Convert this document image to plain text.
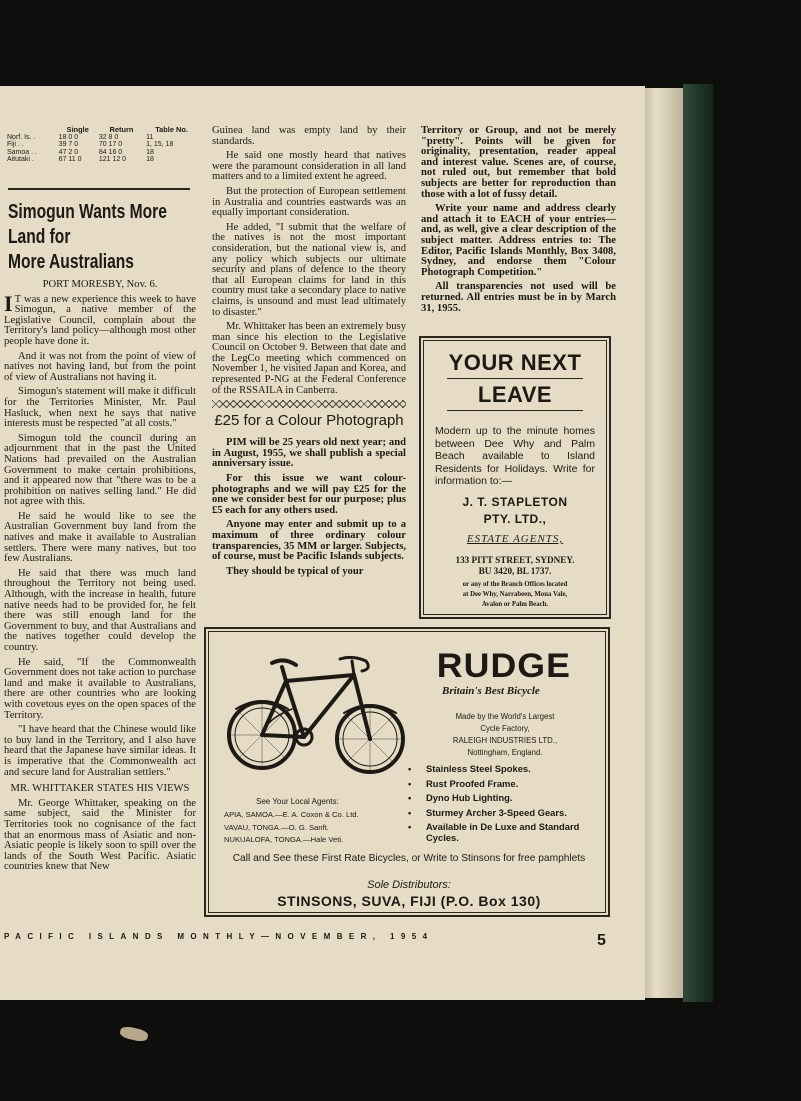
	Single	Return	Table No.
Norf. Is. .	18 0 0	32 8 0	11
Fiji . .	39 7 0	70 17 0	1, 15, 18
Samoa . .	47 2 0	84 16 0	18
Aitutaki .	67 11 0	121 12 0	18
Simogun Wants More
Land for
More Australians

PORT MORESBY, Nov. 6.

I T was a new experience this week to have Simogun, a native member of the Legislative Council, complain about the Territory's land policy—although most other people have done it.

And it was not from the point of view of natives not having land, but from the point of view of Australians not having it.

Simogun's statement will make it difficult for the Territories Minister, Mr. Paul Hasluck, when next he says that native interests must be respected "at all costs."

Simogun told the council during an adjournment that in the past the United Nations had prevailed on the Australian Government to make certain prohibitions, and it appeared now that "there was to be a prohibition on natives selling land." He did not agree with this.

He said he would like to see the Australian Government buy land from the natives and make it available to Australian settlers. There were many natives, but too few Australians.

He said that there was much land throughout the Territory not being used. Although, with the increase in health, future native needs had to be provided for, he felt there was still enough land for the Government to buy, and that Australians and the natives together could develop the country.

He said, "If the Commonwealth Government does not take action to purchase land and make it available to Australians, there are other countries who are looking with covetous eyes on the open spaces of the Territory.

"I have heard that the Chinese would like to buy land in the Territory, and I also have heard that the Japanese have similar ideas. It is imperative that the Commonwealth act and secure land for Australian settlers."

MR. WHITTAKER STATES HIS VIEWS

Mr. George Whittaker, speaking on the same subject, said the Minister for Territories took no cognisance of the fact that an enormous mass of Asiatic and non-Asiatic people is likely soon to spill over the lands of the South West Pacific. Asiatic countries knew that New

Guinea land was empty land by their standards.

He said one mostly heard that natives were the paramount consideration in all land matters and to a limited extent he agreed.

But the protection of European settlement in Australia and countries eastwards was an equally important consideration.

He added, "I submit that the welfare of the natives is not the most important consideration, but the national view is, and any policy which subjects our ultimate security and plans of defence to the theory that all European claims for land in this country must take a secondary place to native claims, is unsound and must lead ultimately to disaster."

Mr. Whittaker has been an extremely busy man since his election to the Legislative Council on October 9. Between that date and the LegCo meeting which commenced on November 1, he visited Japan and Korea, and represented P-NG at the Federal Conference of the RSSAILA in Canberra.

£25 for a Colour Photograph

PIM will be 25 years old next year; and in August, 1955, we shall publish a special anniversary issue.

For this issue we want colour-photographs and we will pay £25 for the one we consider best for our purpose; plus £5 each for any others used.

Anyone may enter and submit up to a maximum of three ordinary colour transparencies, 35 MM or larger. Subjects, of course, must be Pacific Islands subjects.

They should be typical of your

Territory or Group, and not be merely "pretty". Points will be given for originality, presentation, reader appeal and interest value. Scenes are, of course, not ruled out, but remember that bold subjects are better for reproduction than those with a lot of fussy detail.

Write your name and address clearly and attach it to EACH of your entries—and, as well, give a clear description of the subject matter. Address entries to: The Editor, Pacific Islands Monthly, Box 3408, Sydney, and endorse them "Colour Photograph Competition."

All transparencies not used will be returned. All entries must be in by March 31, 1955.

YOUR NEXT
LEAVE
Modern up to the minute homes between Dee Why and Palm Beach available to Island Residents for Holidays. Write for information to:—
J. T. STAPLETON
PTY. LTD.,
ESTATE AGENTS,
133 PITT STREET, SYDNEY.
BU 3420, BL 1737.
or any of the Branch Offices located
at Dee Why, Narrabeen, Mona Vale,
Avalon or Palm Beach.
See Your Local Agents:
APIA, SAMOA.—E. A. Coxon & Co. Ltd.
VAVAU, TONGA.—O. G. Sanft.
NUKUALOFA, TONGA.—Hale Veti.
RUDGE
Britain's Best Bicycle
Made by the World's Largest
Cycle Factory,
RALEIGH INDUSTRIES LTD.,
Nottingham, England.
• Stainless Steel Spokes.
• Rust Proofed Frame.
• Dyno Hub Lighting.
• Sturmey Archer 3-Speed Gears.
• Available in De Luxe and Standard Cycles.
Call and See these First Rate Bicycles, or Write to Stinsons for free pamphlets
Sole Distributors:
STINSONS, SUVA, FIJI (P.O. Box 130)
PACIFIC ISLANDS MONTHLY—NOVEMBER, 1954	5
